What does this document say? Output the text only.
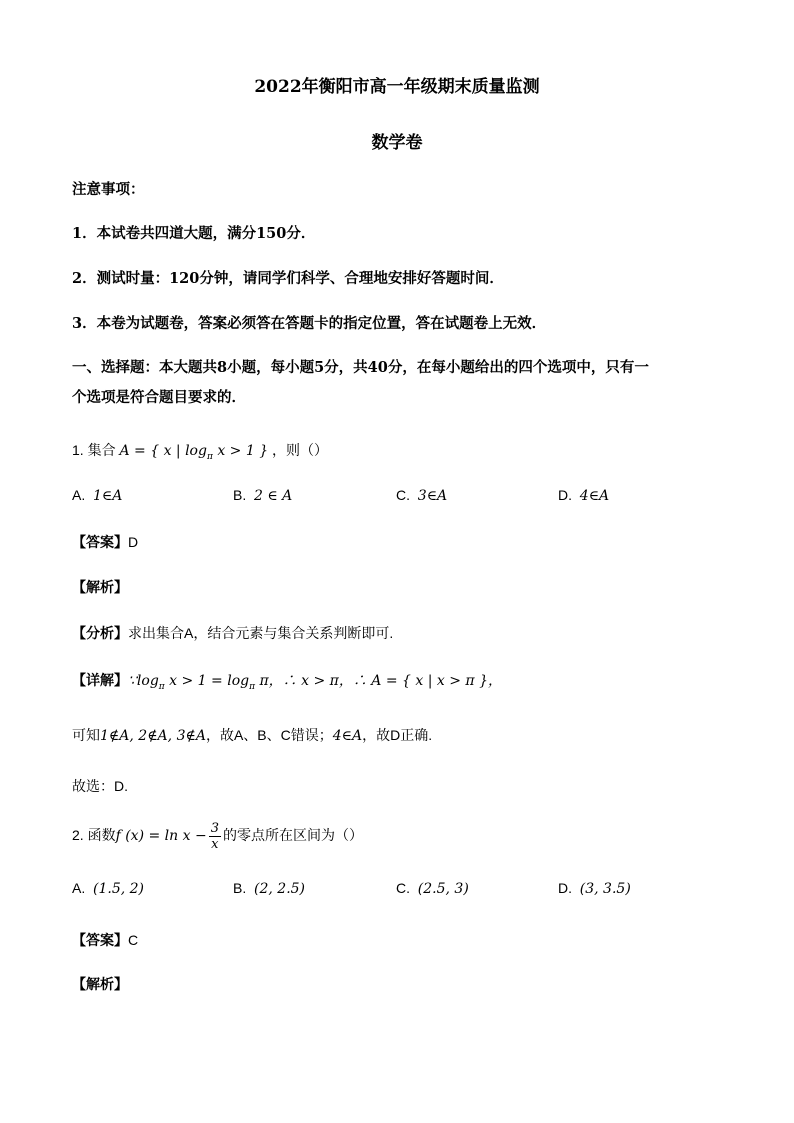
2022年衡阳市高一年级期末质量监测
数学卷
注意事项：
1．本试卷共四道大题，满分150分．
2．测试时量：120分钟，请同学们科学、合理地安排好答题时间．
3．本卷为试题卷，答案必须答在答题卡的指定位置，答在试题卷上无效．
一、选择题：本大题共8小题，每小题5分，共40分，在每小题给出的四个选项中，只有一
个选项是符合题目要求的．
1. 集合 A = { x | $\log_\pi x > 1$ } ，则（）
A. 1∈A	B. 2 ∈ A	C. 3∈A	D. 4∈A
【答案】D
【解析】
【分析】求出集合A，结合元素与集合关系判断即可.
【详解】$\because\log_\pi$ $x > 1 = \log_\pi \pi$，∴ x > π，∴ A = { x | x > π }，
可知1∉A, 2∉A, 3∉A，故A、B、C错误；4∈A，故D正确.
故选：D.
2. 函数f $(x) = \ln x - \frac{3}{x}$ 的零点所在区间为（）
A. (1.5, 2)	B. (2, 2.5)	C. (2.5, 3)	D. (3, 3.5)
【答案】C
【解析】
